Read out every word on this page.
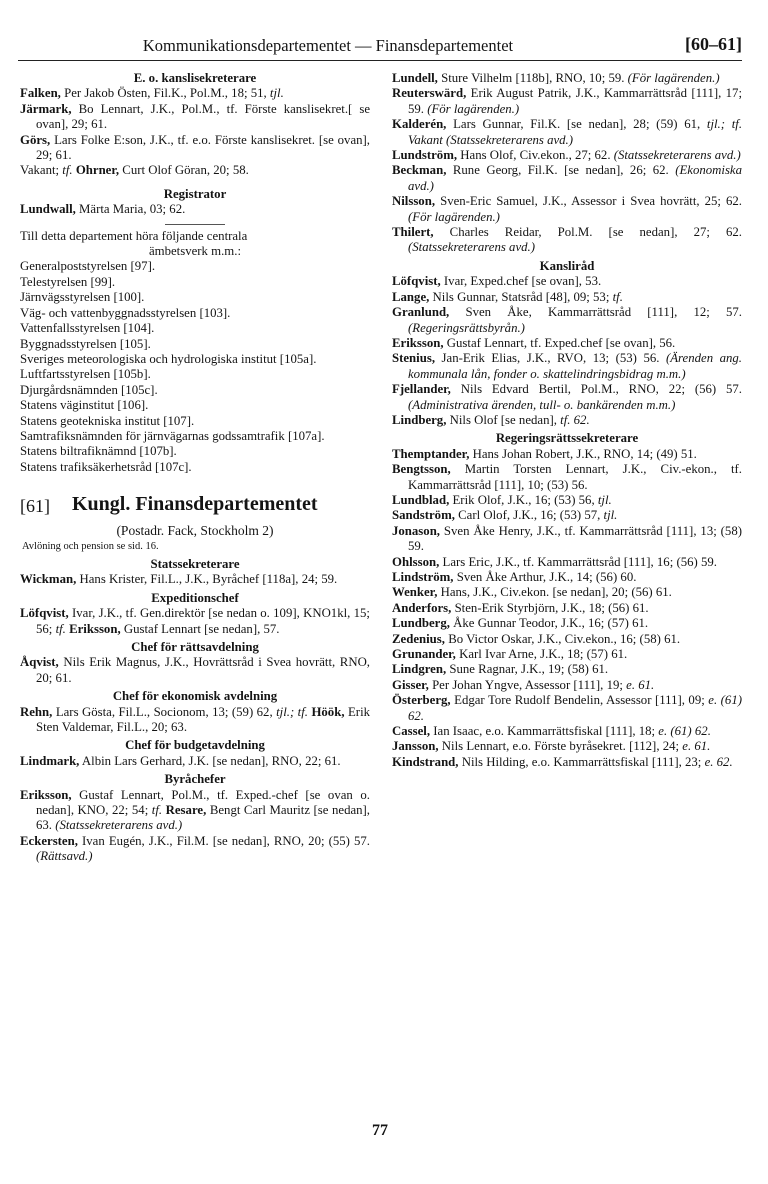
Kommunikationsdepartementet — Finansdepartementet	[60–61]
E. o. kanslisekreterare
Falken, Per Jakob Östen, Fil.K., Pol.M., 18; 51, tjl.
Järmark, Bo Lennart, J.K., Pol.M., tf. Förste kanslisekret.[ se ovan], 29; 61.
Görs, Lars Folke E:son, J.K., tf. e.o. Förste kanslisekret. [se ovan], 29; 61.
Vakant; tf. Ohrner, Curt Olof Göran, 20; 58.
Registrator
Lundwall, Märta Maria, 03; 62.
Till detta departement höra följande centrala
ämbetsverk m.m.:
Generalpoststyrelsen [97].
Telestyrelsen [99].
Järnvägsstyrelsen [100].
Väg- och vattenbyggnadsstyrelsen [103].
Vattenfallsstyrelsen [104].
Byggnadsstyrelsen [105].
Sveriges meteorologiska och hydrologiska institut [105a].
Luftfartsstyrelsen [105b].
Djurgårdsnämnden [105c].
Statens väginstitut [106].
Statens geotekniska institut [107].
Samtrafiksnämnden för järnvägarnas godssamtrafik [107a].
Statens biltrafiknämnd [107b].
Statens trafiksäkerhetsråd [107c].
[61] Kungl. Finansdepartementet
(Postadr. Fack, Stockholm 2)
Avlöning och pension se sid. 16.
Statssekreterare
Wickman, Hans Krister, Fil.L., J.K., Byråchef [118a], 24; 59.
Expeditionschef
Löfqvist, Ivar, J.K., tf. Gen.direktör [se nedan o. 109], KNO1kl, 15; 56; tf. Eriksson, Gustaf Lennart [se nedan], 57.
Chef för rättsavdelning
Åqvist, Nils Erik Magnus, J.K., Hovrättsråd i Svea hovrätt, RNO, 20; 61.
Chef för ekonomisk avdelning
Rehn, Lars Gösta, Fil.L., Socionom, 13; (59) 62, tjl.; tf. Höök, Erik Sten Valdemar, Fil.L., 20; 63.
Chef för budgetavdelning
Lindmark, Albin Lars Gerhard, J.K. [se nedan], RNO, 22; 61.
Byråchefer
Eriksson, Gustaf Lennart, Pol.M., tf. Exped.-chef [se ovan o. nedan], KNO, 22; 54; tf. Resare, Bengt Carl Mauritz [se nedan], 63. (Statssekreterarens avd.)
Eckersten, Ivan Eugén, J.K., Fil.M. [se nedan], RNO, 20; (55) 57. (Rättsavd.)
Lundell, Sture Vilhelm [118b], RNO, 10; 59. (För lagärenden.)
Reuterswärd, Erik August Patrik, J.K., Kammarrättsråd [111], 17; 59. (För lagärenden.)
Kalderén, Lars Gunnar, Fil.K. [se nedan], 28; (59) 61, tjl.; tf. Vakant (Statssekreterarens avd.)
Lundström, Hans Olof, Civ.ekon., 27; 62. (Statssekreterarens avd.)
Beckman, Rune Georg, Fil.K. [se nedan], 26; 62. (Ekonomiska avd.)
Nilsson, Sven-Eric Samuel, J.K., Assessor i Svea hovrätt, 25; 62. (För lagärenden.)
Thilert, Charles Reidar, Pol.M. [se nedan], 27; 62. (Statssekreterarens avd.)
Kansliråd
Löfqvist, Ivar, Exped.chef [se ovan], 53.
Lange, Nils Gunnar, Statsråd [48], 09; 53; tf.
Granlund, Sven Åke, Kammarrättsråd [111], 12; 57. (Regeringsrättsbyrån.)
Eriksson, Gustaf Lennart, tf. Exped.chef [se ovan], 56.
Stenius, Jan-Erik Elias, J.K., RVO, 13; (53) 56. (Ärenden ang. kommunala lån, fonder o. skattelindringsbidrag m.m.)
Fjellander, Nils Edvard Bertil, Pol.M., RNO, 22; (56) 57. (Administrativa ärenden, tull- o. bankärenden m.m.)
Lindberg, Nils Olof [se nedan], tf. 62.
Regeringsrättssekreterare
Themptander, Hans Johan Robert, J.K., RNO, 14; (49) 51.
Bengtsson, Martin Torsten Lennart, J.K., Civ.-ekon., tf. Kammarrättsråd [111], 10; (53) 56.
Lundblad, Erik Olof, J.K., 16; (53) 56, tjl.
Sandström, Carl Olof, J.K., 16; (53) 57, tjl.
Jonason, Sven Åke Henry, J.K., tf. Kammarrättsråd [111], 13; (58) 59.
Ohlsson, Lars Eric, J.K., tf. Kammarrättsråd [111], 16; (56) 59.
Lindström, Sven Åke Arthur, J.K., 14; (56) 60.
Wenker, Hans, J.K., Civ.ekon. [se nedan], 20; (56) 61.
Anderfors, Sten-Erik Styrbjörn, J.K., 18; (56) 61.
Lundberg, Åke Gunnar Teodor, J.K., 16; (57) 61.
Zedenius, Bo Victor Oskar, J.K., Civ.ekon., 16; (58) 61.
Grunander, Karl Ivar Arne, J.K., 18; (57) 61.
Lindgren, Sune Ragnar, J.K., 19; (58) 61.
Gisser, Per Johan Yngve, Assessor [111], 19; e. 61.
Österberg, Edgar Tore Rudolf Bendelin, Assessor [111], 09; e. (61) 62.
Cassel, Ian Isaac, e.o. Kammarrättsfiskal [111], 18; e. (61) 62.
Jansson, Nils Lennart, e.o. Förste byråsekret. [112], 24; e. 61.
Kindstrand, Nils Hilding, e.o. Kammarrättsfiskal [111], 23; e. 62.
77
